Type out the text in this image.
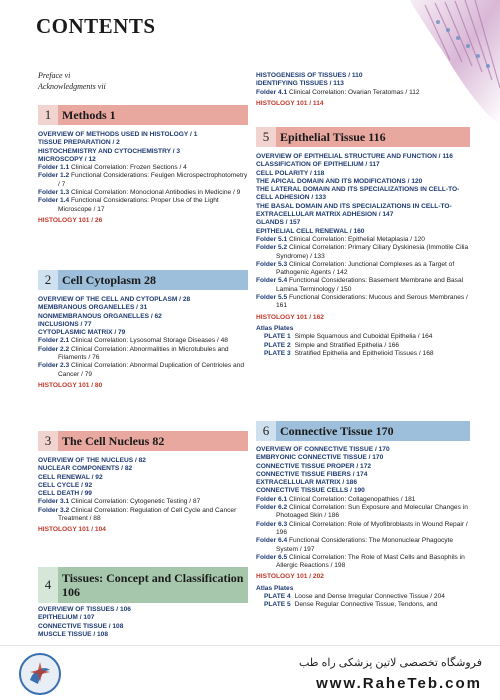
CONTENTS
Preface vi
Acknowledgments vii
1 Methods 1
OVERVIEW OF METHODS USED IN HISTOLOGY / 1
TISSUE PREPARATION / 2
HISTOCHEMISTRY AND CYTOCHEMISTRY / 3
MICROSCOPY / 12
Folder 1.1 Clinical Correlation: Frozen Sections / 4
Folder 1.2 Functional Considerations: Feulgen Microspectrophotometry / 7
Folder 1.3 Clinical Correlation: Monoclonal Antibodies in Medicine / 9
Folder 1.4 Functional Considerations: Proper Use of the Light Microscope / 17
HISTOLOGY 101 / 26
2 Cell Cytoplasm 28
OVERVIEW OF THE CELL AND CYTOPLASM / 28
MEMBRANOUS ORGANELLES / 31
NONMEMBRANOUS ORGANELLES / 62
INCLUSIONS / 77
CYTOPLASMIC MATRIX / 79
Folder 2.1 Clinical Correlation: Lysosomal Storage Diseases / 48
Folder 2.2 Clinical Correlation: Abnormalities in Microtubules and Filaments / 76
Folder 2.3 Clinical Correlation: Abnormal Duplication of Centrioles and Cancer / 79
HISTOLOGY 101 / 80
3 The Cell Nucleus 82
OVERVIEW OF THE NUCLEUS / 82
NUCLEAR COMPONENTS / 82
CELL RENEWAL / 92
CELL CYCLE / 92
CELL DEATH / 99
Folder 3.1 Clinical Correlation: Cytogenetic Testing / 87
Folder 3.2 Clinical Correlation: Regulation of Cell Cycle and Cancer Treatment / 88
HISTOLOGY 101 / 104
4 Tissues: Concept and Classification 106
OVERVIEW OF TISSUES / 106
EPITHELIUM / 107
CONNECTIVE TISSUE / 108
MUSCLE TISSUE / 108
HISTOGENESIS OF TISSUES / 110
IDENTIFYING TISSUES / 113
Folder 4.1 Clinical Correlation: Ovarian Teratomas / 112
HISTOLOGY 101 / 114
5 Epithelial Tissue 116
OVERVIEW OF EPITHELIAL STRUCTURE AND FUNCTION / 116
CLASSIFICATION OF EPITHELIUM / 117
CELL POLARITY / 118
THE APICAL DOMAIN AND ITS MODIFICATIONS / 120
THE LATERAL DOMAIN AND ITS SPECIALIZATIONS IN CELL-TO-CELL ADHESION / 133
THE BASAL DOMAIN AND ITS SPECIALIZATIONS IN CELL-TO-EXTRACELLULAR MATRIX ADHESION / 147
GLANDS / 157
EPITHELIAL CELL RENEWAL / 160
Folder 5.1 Clinical Correlation: Epithelial Metaplasia / 120
Folder 5.2 Clinical Correlation: Primary Ciliary Dyskinesia (Immotile Cilia Syndrome) / 133
Folder 5.3 Clinical Correlation: Junctional Complexes as a Target of Pathogenic Agents / 142
Folder 5.4 Functional Considerations: Basement Membrane and Basal Lamina Terminology / 150
Folder 5.5 Functional Considerations: Mucous and Serous Membranes / 161
HISTOLOGY 101 / 162
Atlas Plates
PLATE 1 Simple Squamous and Cuboidal Epithelia / 164
PLATE 2 Simple and Stratified Epithelia / 166
PLATE 3 Stratified Epithelia and Epithelioid Tissues / 168
6 Connective Tissue 170
OVERVIEW OF CONNECTIVE TISSUE / 170
EMBRYONIC CONNECTIVE TISSUE / 170
CONNECTIVE TISSUE PROPER / 172
CONNECTIVE TISSUE FIBERS / 174
EXTRACELLULAR MATRIX / 186
CONNECTIVE TISSUE CELLS / 190
Folder 6.1 Clinical Correlation: Collagenopathies / 181
Folder 6.2 Clinical Correlation: Sun Exposure and Molecular Changes in Photoaged Skin / 186
Folder 6.3 Clinical Correlation: Role of Myofibroblasts in Wound Repair / 196
Folder 6.4 Functional Considerations: The Mononuclear Phagocyte System / 197
Folder 6.5 Clinical Correlation: The Role of Mast Cells and Basophils in Allergic Reactions / 198
HISTOLOGY 101 / 202
Atlas Plates
PLATE 4 Loose and Dense Irregular Connective Tissue / 204
PLATE 5 Dense Regular Connective Tissue, Tendons, and
فروشگاه تخصصی لاتین پزشکی راه طب
www.RaheTeb.com
